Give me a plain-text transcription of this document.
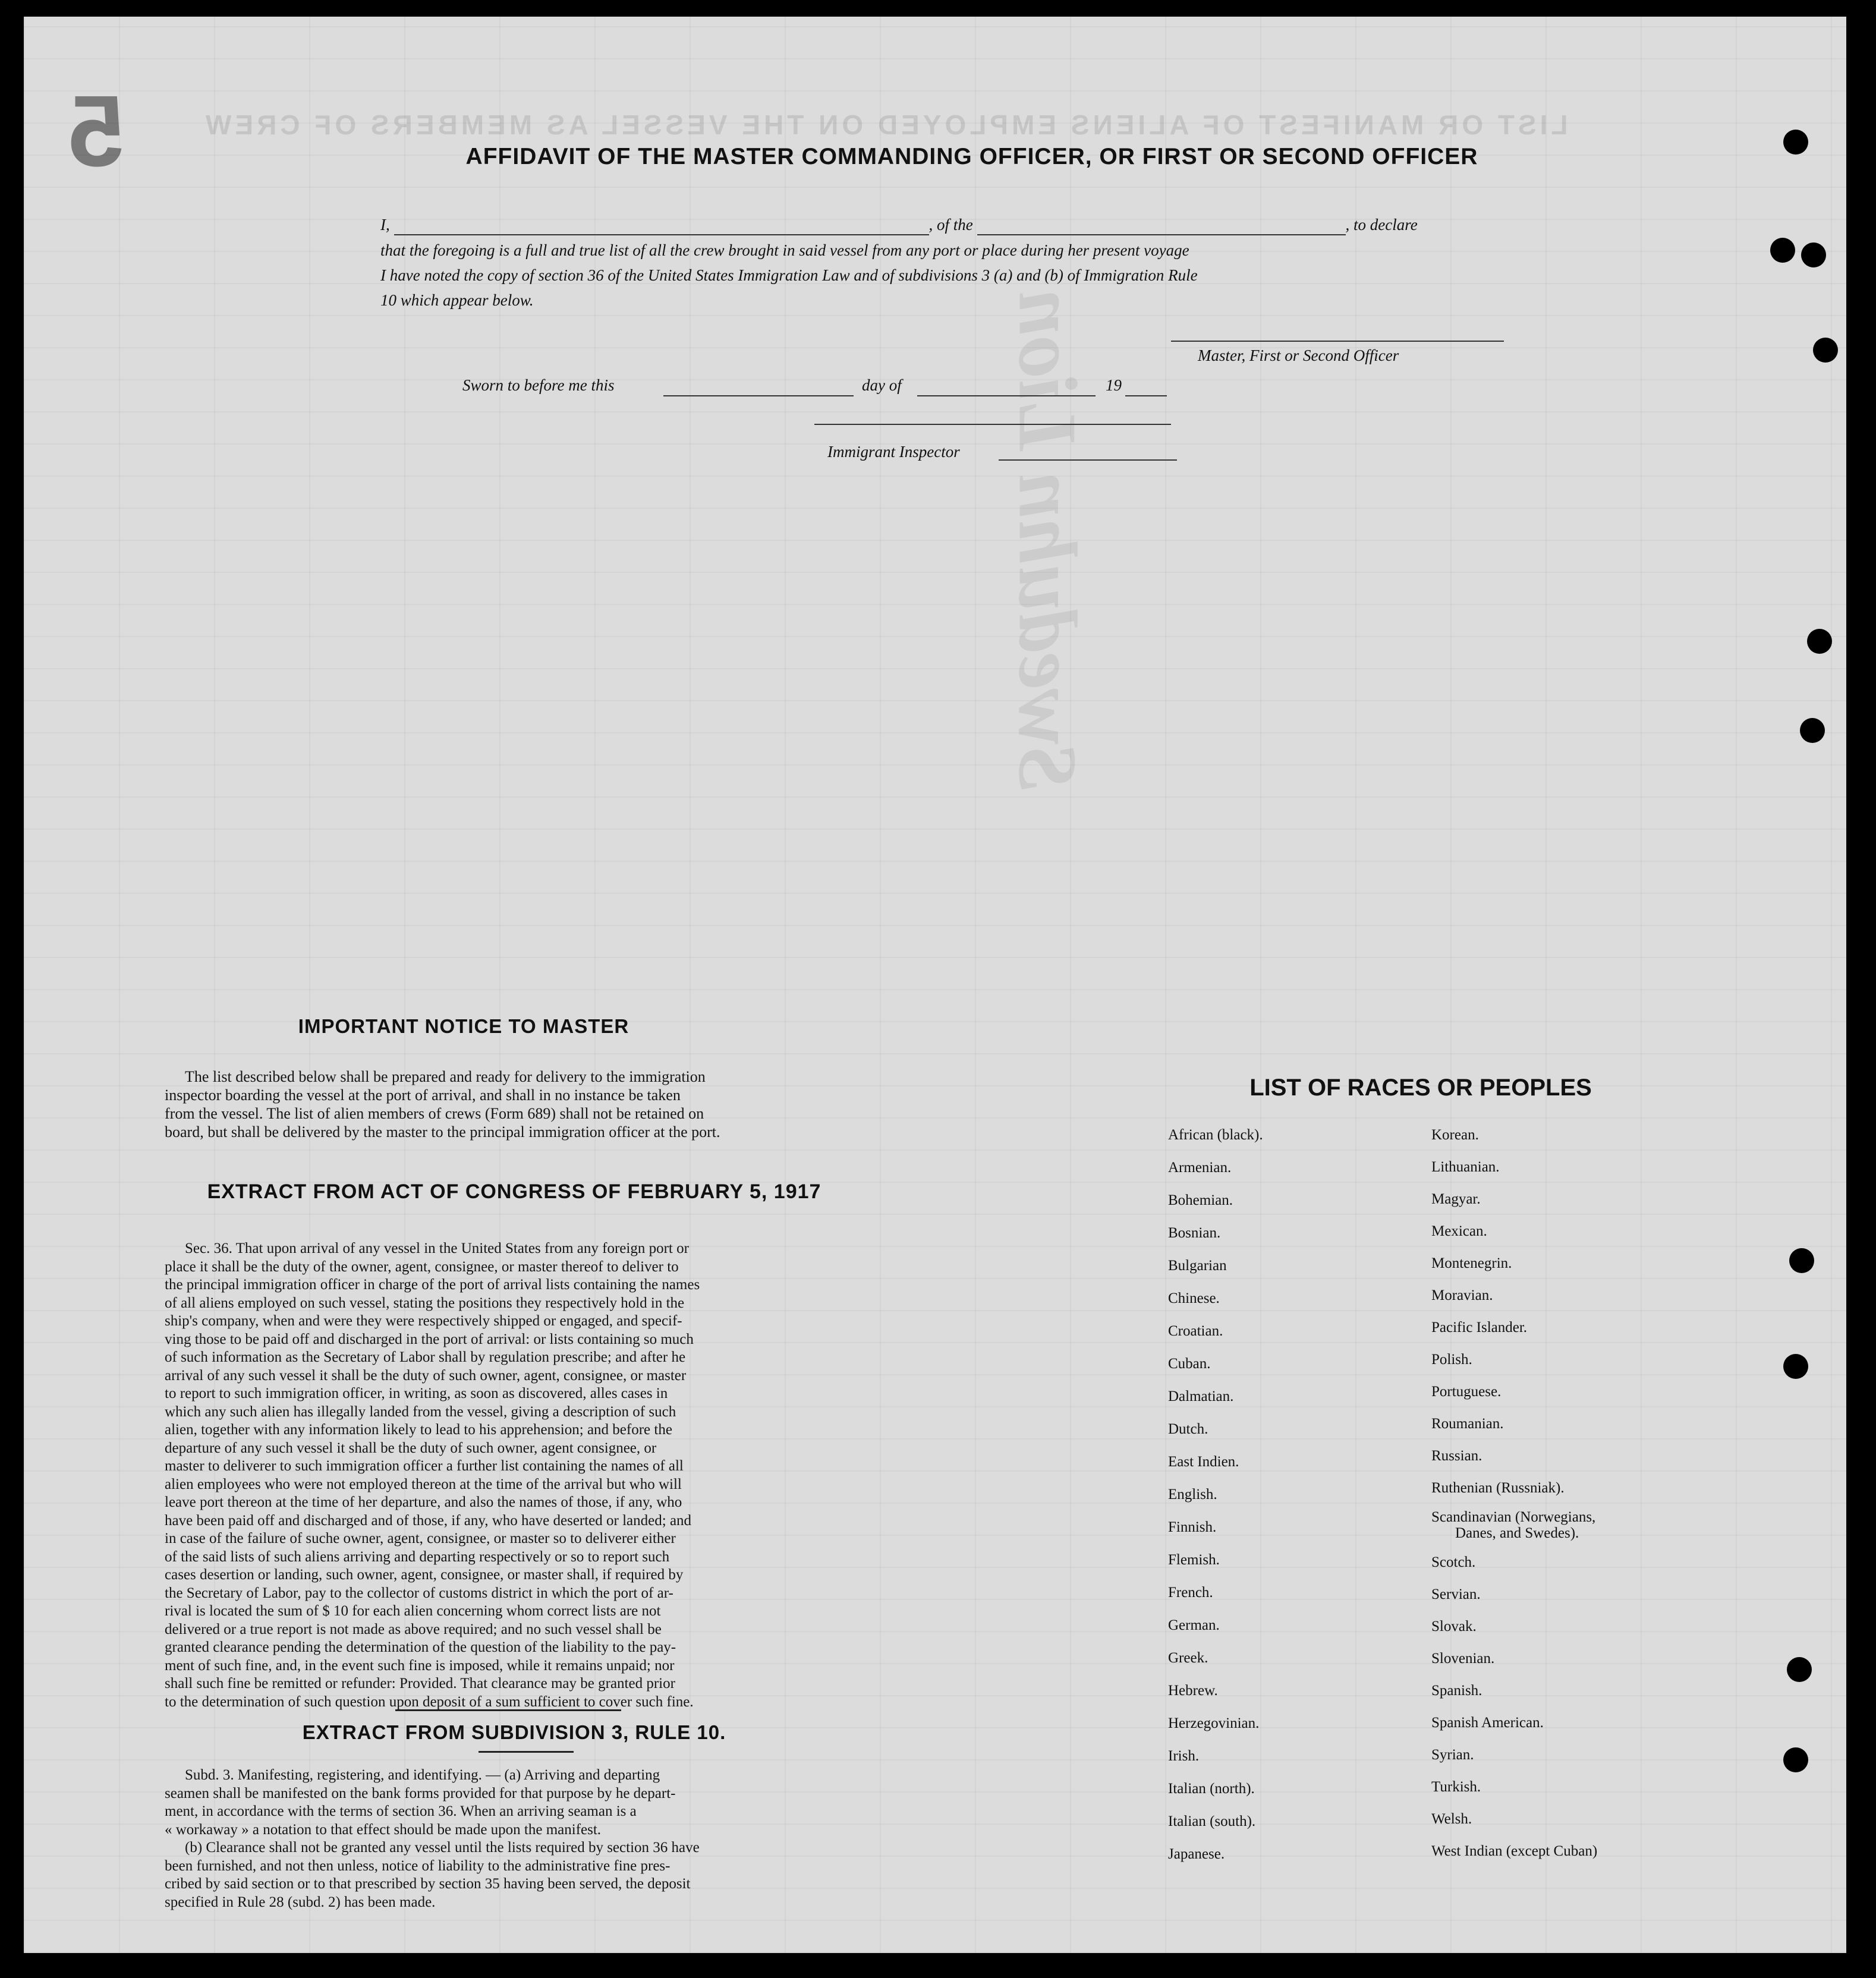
LIST OR MANIFEST OF ALIENS EMPLOYED ON THE VESSEL AS MEMBERS OF CREW
Sweduhn Lion
5	AFFIDAVIT OF THE MASTER COMMANDING OFFICER, OR FIRST OR SECOND OFFICER
I,	, of the	, to declare
that the foregoing is a full and true list of all the crew brought in said vessel from any port or place during her present voyage
I have noted the copy of section 36 of the United States Immigration Law and of subdivisions 3 (a) and (b) of Immigration Rule
10 which appear below.
Master, First or Second Officer
Sworn to before me this	day of	19
Immigrant Inspector
IMPORTANT NOTICE TO MASTER

The list described below shall be prepared and ready for delivery to the immigration

inspector boarding the vessel at the port of arrival, and shall in no instance be taken

from the vessel. The list of alien members of crews (Form 689) shall not be retained on

board, but shall be delivered by the master to the principal immigration officer at the port.

EXTRACT FROM ACT OF CONGRESS OF FEBRUARY 5, 1917

Sec. 36. That upon arrival of any vessel in the United States from any foreign port or

place it shall be the duty of the owner, agent, consignee, or master thereof to deliver to

the principal immigration officer in charge of the port of arrival lists containing the names

of all aliens employed on such vessel, stating the positions they respectively hold in the

ship's company, when and were they were respectively shipped or engaged, and specif-

ving those to be paid off and discharged in the port of arrival: or lists containing so much

of such information as the Secretary of Labor shall by regulation prescribe; and after he

arrival of any such vessel it shall be the duty of such owner, agent, consignee, or master

to report to such immigration officer, in writing, as soon as discovered, alles cases in

which any such alien has illegally landed from the vessel, giving a description of such

alien, together with any information likely to lead to his apprehension; and before the

departure of any such vessel it shall be the duty of such owner, agent consignee, or

master to deliverer to such immigration officer a further list containing the names of all

alien employees who were not employed thereon at the time of the arrival but who will

leave port thereon at the time of her departure, and also the names of those, if any, who

have been paid off and discharged and of those, if any, who have deserted or landed; and

in case of the failure of suche owner, agent, consignee, or master so to deliverer either

of the said lists of such aliens arriving and departing respectively or so to report such

cases desertion or landing, such owner, agent, consignee, or master shall, if required by

the Secretary of Labor, pay to the collector of customs district in which the port of ar-

rival is located the sum of $ 10 for each alien concerning whom correct lists are not

delivered or a true report is not made as above required; and no such vessel shall be

granted clearance pending the determination of the question of the liability to the pay-

ment of such fine, and, in the event such fine is imposed, while it remains unpaid; nor

shall such fine be remitted or refunder: Provided. That clearance may be granted prior

to the determination of such question upon deposit of a sum sufficient to cover such fine.

EXTRACT FROM SUBDIVISION 3, RULE 10.

Subd. 3. Manifesting, registering, and identifying. — (a) Arriving and departing

seamen shall be manifested on the bank forms provided for that purpose by he depart-

ment, in accordance with the terms of section 36. When an arriving seaman is a

« workaway » a notation to that effect should be made upon the manifest.

(b) Clearance shall not be granted any vessel until the lists required by section 36 have

been furnished, and not then unless, notice of liability to the administrative fine pres-

cribed by said section or to that prescribed by section 35 having been served, the deposit

specified in Rule 28 (subd. 2) has been made.

LIST OF RACES OR PEOPLES
African (black).
Armenian.
Bohemian.
Bosnian.
Bulgarian
Chinese.
Croatian.
Cuban.
Dalmatian.
Dutch.
East Indien.
English.
Finnish.
Flemish.
French.
German.
Greek.
Hebrew.
Herzegovinian.
Irish.
Italian (north).
Italian (south).
Japanese.
Korean.
Lithuanian.
Magyar.
Mexican.
Montenegrin.
Moravian.
Pacific Islander.
Polish.
Portuguese.
Roumanian.
Russian.
Ruthenian (Russniak).
Scandinavian (Norwegians,
Danes, and Swedes).
Scotch.
Servian.
Slovak.
Slovenian.
Spanish.
Spanish American.
Syrian.
Turkish.
Welsh.
West Indian (except Cuban)
